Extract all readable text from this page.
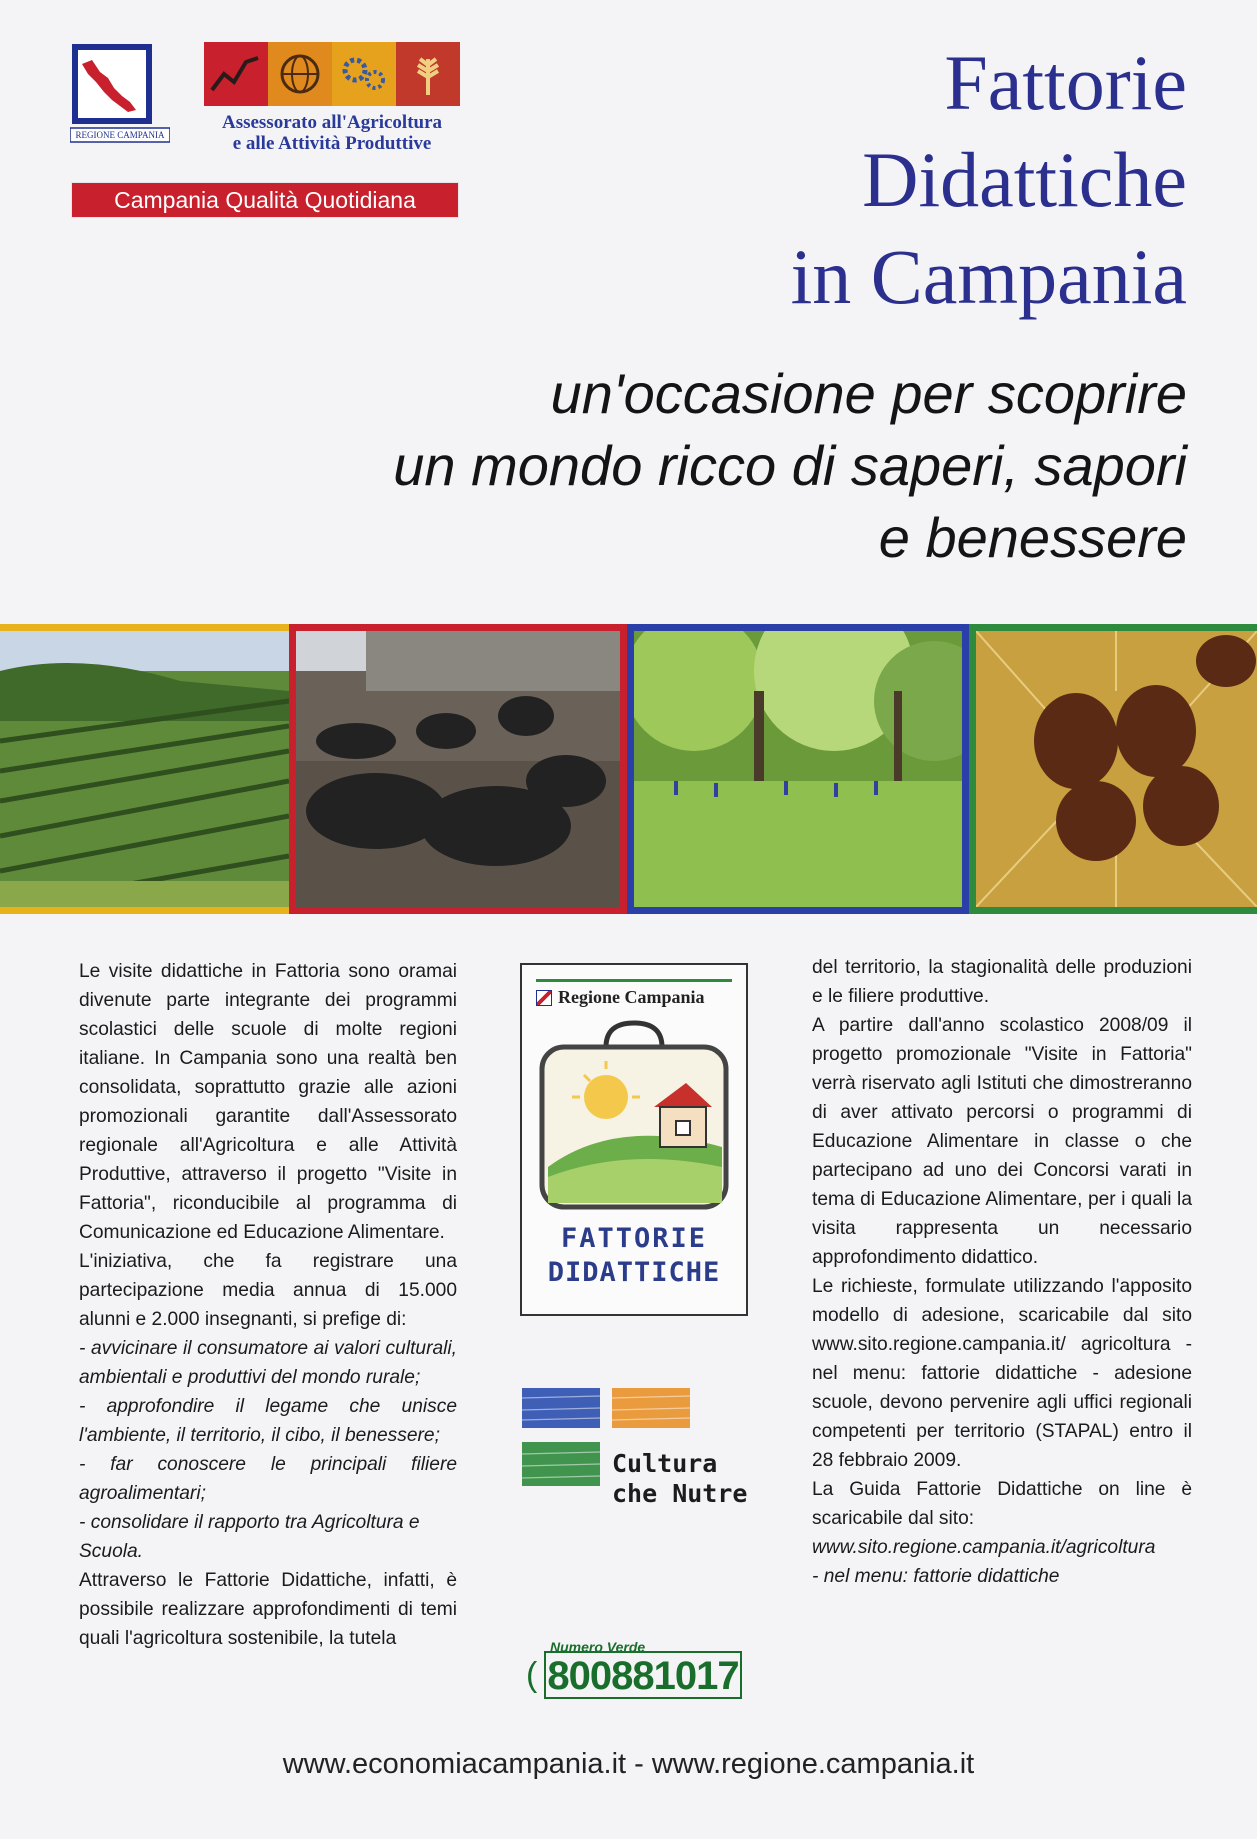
REGIONE CAMPANIA
Assessorato all'Agricoltura
e alle Attività Produttive
Campania Qualità Quotidiana
Fattorie
Didattiche
in Campania
un'occasione per scoprire
un mondo ricco di saperi, sapori
e benessere

Le visite didattiche in Fattoria sono oramai divenute parte integrante dei programmi scolastici delle scuole di molte regioni italiane. In Campania sono una realtà ben consolidata, soprattutto grazie alle azioni promozionali garantite dall'Assessorato regionale all'Agricoltura e alle Attività Produttive, attraverso il progetto "Visite in Fattoria", riconducibile al programma di Comunicazione ed Educazione Alimentare.

L'iniziativa, che fa registrare una partecipazione media annua di 15.000 alunni e 2.000 insegnanti, si prefige di:

- avvicinare il consumatore ai valori culturali, ambientali e produttivi del mondo rurale;

- approfondire il legame che unisce l'ambiente, il territorio, il cibo, il benessere;

- far conoscere le principali filiere agroalimentari;

- consolidare il rapporto tra Agricoltura e Scuola.

Attraverso le Fattorie Didattiche, infatti, è possibile realizzare approfondimenti di temi quali l'agricoltura sostenibile, la tutela

Regione Campania
FATTORIE
DIDATTICHE
Cultura
che Nutre
(
Numero Verde
800881017

del territorio, la stagionalità delle produzioni e le filiere produttive.

A partire dall'anno scolastico 2008/09 il progetto promozionale "Visite in Fattoria" verrà riservato agli Istituti che dimostreranno di aver attivato percorsi o programmi di Educazione Alimentare in classe o che partecipano ad uno dei Concorsi varati in tema di Educazione Alimentare, per i quali la visita rappresenta un necessario approfondimento didattico.

Le richieste, formulate utilizzando l'apposito modello di adesione, scaricabile dal sito www.sito.regione.campania.it/ agricoltura - nel menu: fattorie didattiche - adesione scuole, devono pervenire agli uffici regionali competenti per territorio (STAPAL) entro il 28 febbraio 2009.

La Guida Fattorie Didattiche on line è scaricabile dal sito:

www.sito.regione.campania.it/agricoltura

- nel menu: fattorie didattiche

www.economiacampania.it - www.regione.campania.it
